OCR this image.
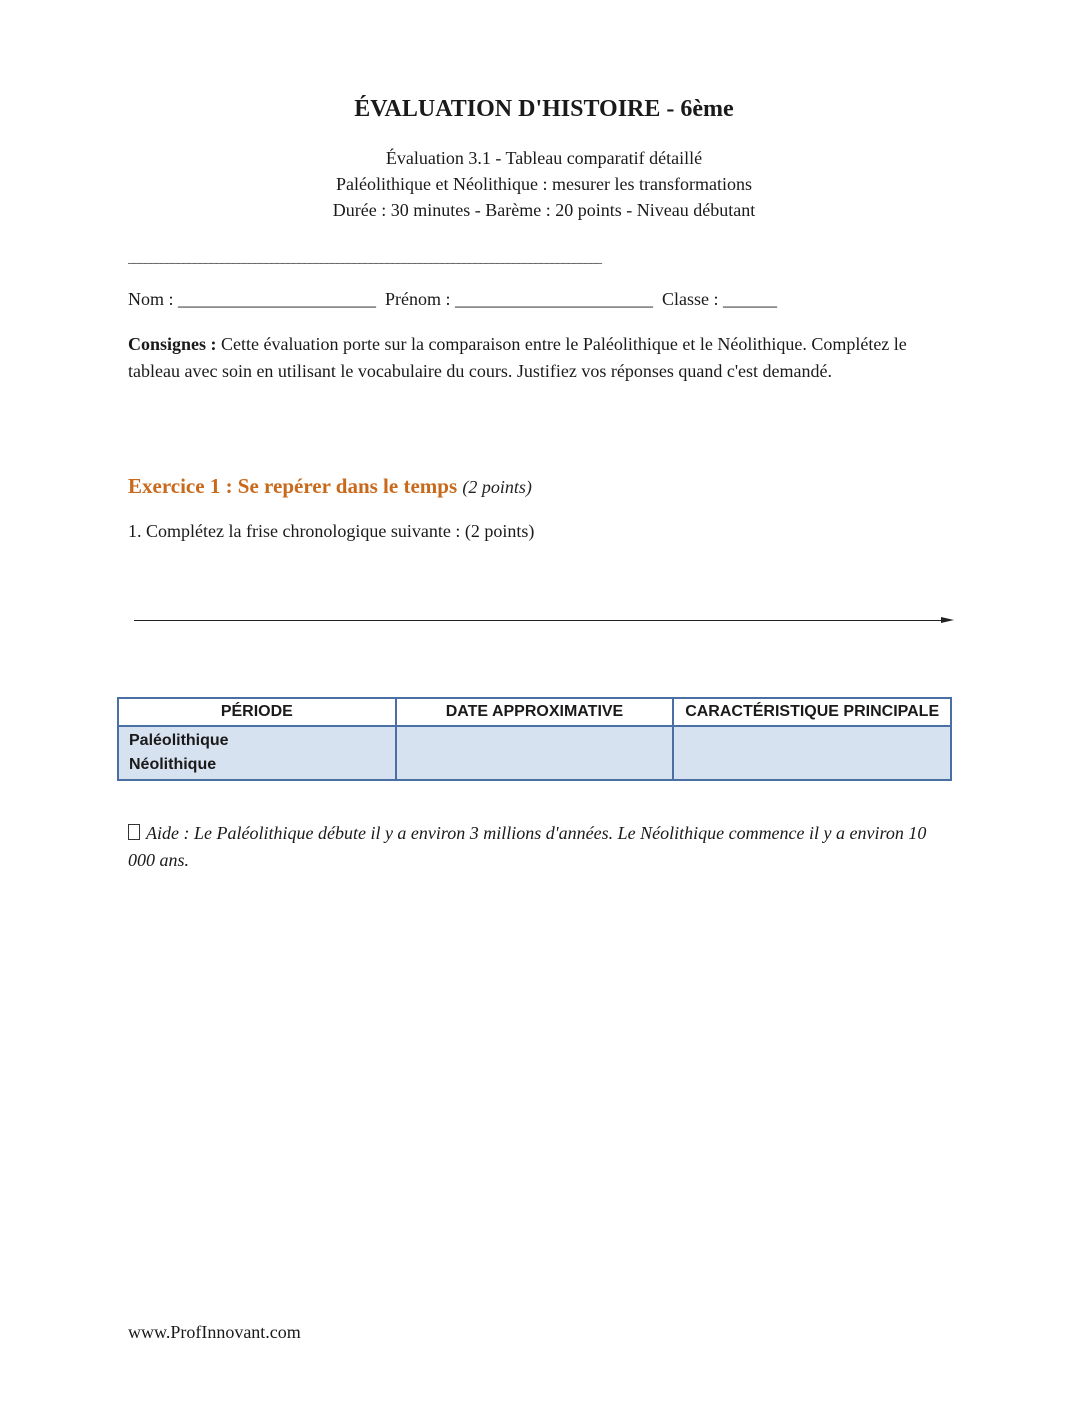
ÉVALUATION D'HISTOIRE - 6ème
Évaluation 3.1 - Tableau comparatif détaillé
Paléolithique et Néolithique : mesurer les transformations
Durée : 30 minutes - Barème : 20 points - Niveau débutant
______________________________________________________________________________________
Nom : ______________________ Prénom : ______________________ Classe : ______
Consignes : Cette évaluation porte sur la comparaison entre le Paléolithique et le Néolithique. Complétez le tableau avec soin en utilisant le vocabulaire du cours. Justifiez vos réponses quand c'est demandé.
Exercice 1 : Se repérer dans le temps (2 points)
1. Complétez la frise chronologique suivante : (2 points)
PÉRIODE	DATE APPROXIMATIVE	CARACTÉRISTIQUE PRINCIPALE

Paléolithique
Néolithique		

Aide : Le Paléolithique débute il y a environ 3 millions d'années. Le Néolithique commence il y a environ 10 000 ans.
www.ProfInnovant.com
